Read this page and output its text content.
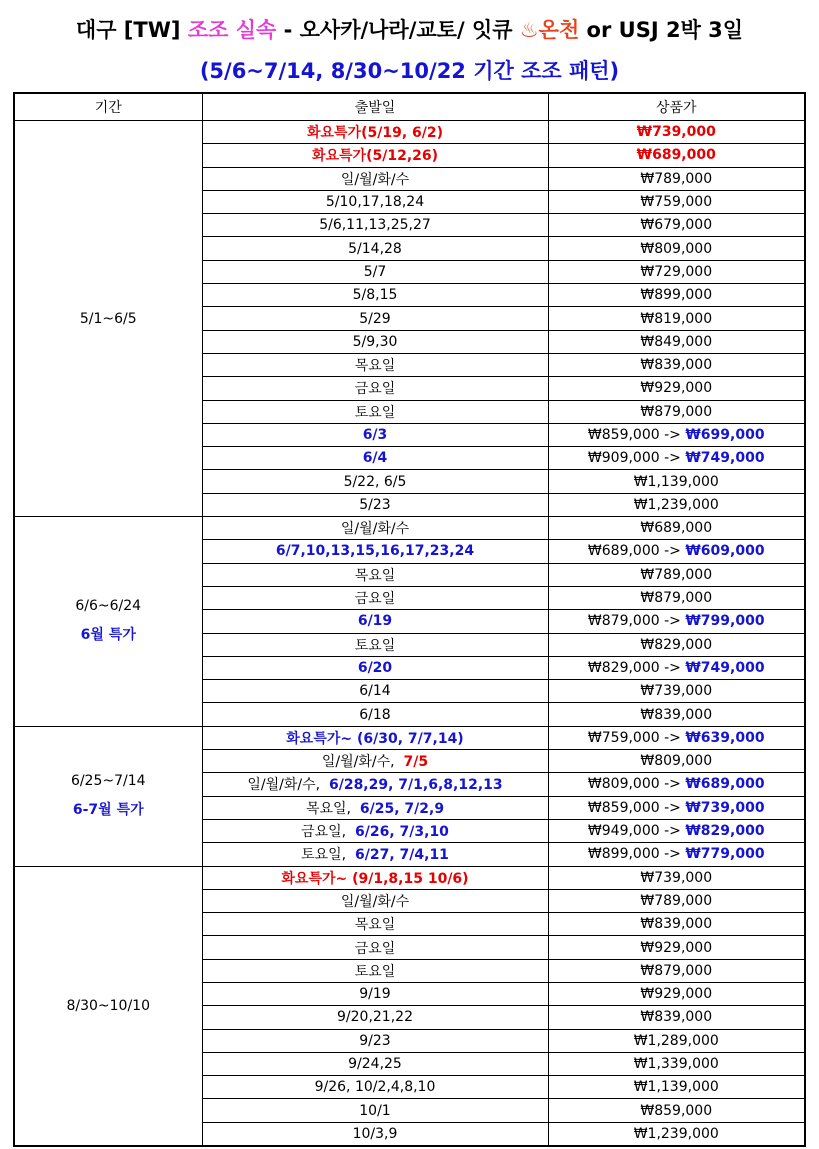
대구 [TW] 조조 실속 - 오사카/나라/교토/ 잇큐 ♨온천 or USJ 2박 3일
(5/6~7/14, 8/30~10/22 기간 조조 패턴)
기간	출발일	상품가

5/1~6/5	화요특가(5/19, 6/2)	₩739,000
	화요특가(5/12,26)	₩689,000
	일/월/화/수	₩789,000
	5/10,17,18,24	₩759,000
	5/6,11,13,25,27	₩679,000
	5/14,28	₩809,000
	5/7	₩729,000
	5/8,15	₩899,000
	5/29	₩819,000
	5/9,30	₩849,000
	목요일	₩839,000
	금요일	₩929,000
	토요일	₩879,000
	6/3	₩859,000 -> ₩699,000
	6/4	₩909,000 -> ₩749,000
	5/22, 6/5	₩1,139,000
	5/23	₩1,239,000

6/6~6/24
6월 특가	일/월/화/수	₩689,000
	6/7,10,13,15,16,17,23,24	₩689,000 -> ₩609,000
	목요일	₩789,000
	금요일	₩879,000
	6/19	₩879,000 -> ₩799,000
	토요일	₩829,000
	6/20	₩829,000 -> ₩749,000
	6/14	₩739,000
	6/18	₩839,000

6/25~7/14
6-7월 특가	화요특가~ (6/30, 7/7,14)	₩759,000 -> ₩639,000
	일/월/화/수, 7/5	₩809,000
	일/월/화/수, 6/28,29, 7/1,6,8,12,13	₩809,000 -> ₩689,000
	목요일, 6/25, 7/2,9	₩859,000 -> ₩739,000
	금요일, 6/26, 7/3,10	₩949,000 -> ₩829,000
	토요일, 6/27, 7/4,11	₩899,000 -> ₩779,000

8/30~10/10	화요특가~ (9/1,8,15 10/6)	₩739,000
	일/월/화/수	₩789,000
	목요일	₩839,000
	금요일	₩929,000
	토요일	₩879,000
	9/19	₩929,000
	9/20,21,22	₩839,000
	9/23	₩1,289,000
	9/24,25	₩1,339,000
	9/26, 10/2,4,8,10	₩1,139,000
	10/1	₩859,000
	10/3,9	₩1,239,000
